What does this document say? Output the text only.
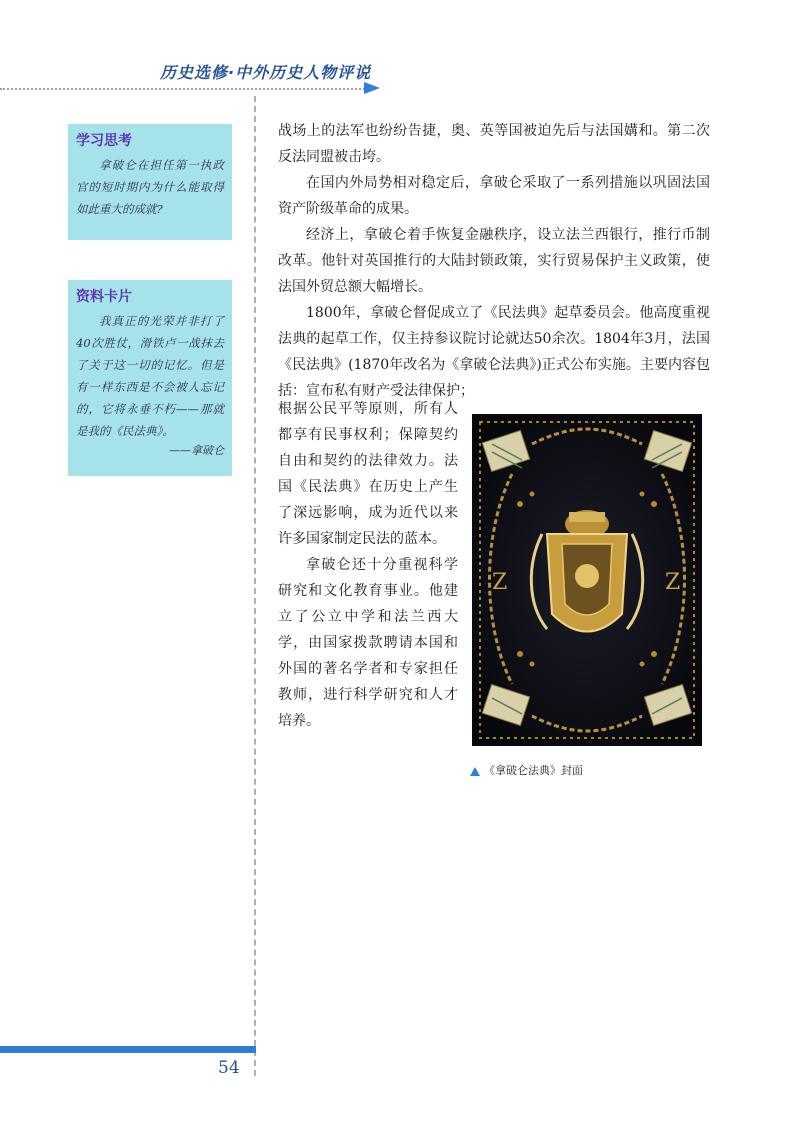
历史选修·中外历史人物评说
学习思考

拿破仑在担任第一执政官的短时期内为什么能取得如此重大的成就?

资料卡片

我真正的光荣并非打了40次胜仗，滑铁卢一战抹去了关于这一切的记忆。但是有一样东西是不会被人忘记的，它将永垂不朽——那就是我的《民法典》。

——拿破仑

战场上的法军也纷纷告捷，奥、英等国被迫先后与法国媾和。第二次反法同盟被击垮。

在国内外局势相对稳定后，拿破仑采取了一系列措施以巩固法国资产阶级革命的成果。

经济上，拿破仑着手恢复金融秩序，设立法兰西银行，推行币制改革。他针对英国推行的大陆封锁政策，实行贸易保护主义政策，使法国外贸总额大幅增长。

1800年，拿破仑督促成立了《民法典》起草委员会。他高度重视法典的起草工作，仅主持参议院讨论就达50余次。1804年3月，法国《民法典》(1870年改名为《拿破仑法典》)正式公布实施。主要内容包括：宣布私有财产受法律保护；

根据公民平等原则，所有人都享有民事权利；保障契约自由和契约的法律效力。法国《民法典》在历史上产生了深远影响，成为近代以来许多国家制定民法的蓝本。

拿破仑还十分重视科学研究和文化教育事业。他建立了公立中学和法兰西大学，由国家拨款聘请本国和外国的著名学者和专家担任教师，进行科学研究和人才培养。

Z	Z
《拿破仑法典》封面
54
